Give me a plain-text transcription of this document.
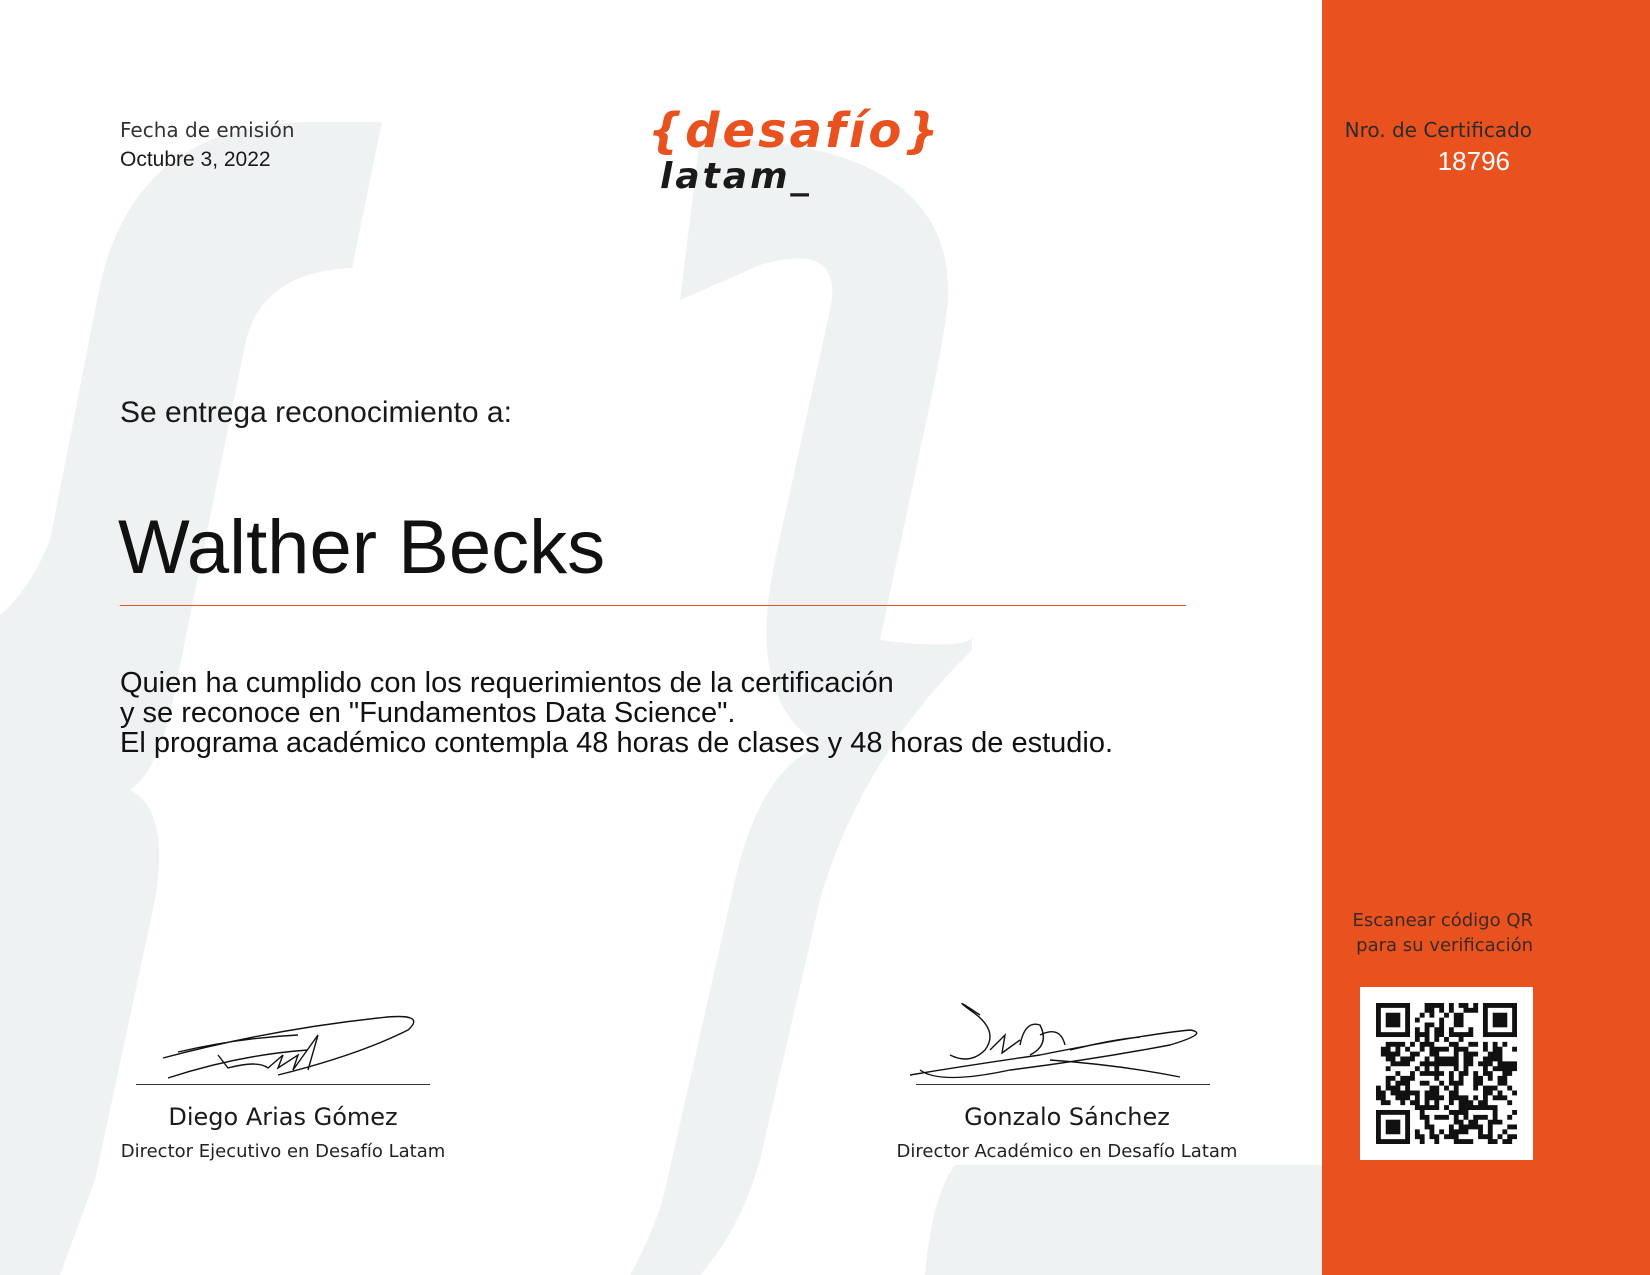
Fecha de emisión
Octubre 3, 2022
{desafío}
latam_
Nro. de Certificado
18796
Se entrega reconocimiento a:
Walther Becks
Quien ha cumplido con los requerimientos de la certificación
y se reconoce en "Fundamentos Data Science".
El programa académico contempla 48 horas de clases y 48 horas de estudio.
Diego Arias Gómez
Director Ejecutivo en Desafío Latam
Gonzalo Sánchez
Director Académico en Desafío Latam
Escanear código QR
para su verificación
